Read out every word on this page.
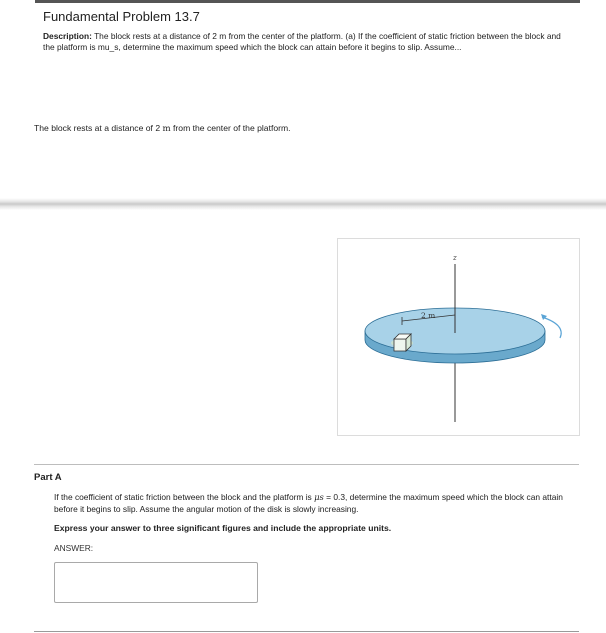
Fundamental Problem 13.7
Description: The block rests at a distance of 2 m from the center of the platform. (a) If the coefficient of static friction between the block and the platform is mu_s, determine the maximum speed which the block can attain before it begins to slip. Assume...
The block rests at a distance of 2 m from the center of the platform.
z
2 m
Part A
If the coefficient of static friction between the block and the platform is μs = 0.3, determine the maximum speed which the block can attain before it begins to slip. Assume the angular motion of the disk is slowly increasing.
Express your answer to three significant figures and include the appropriate units.
ANSWER:
